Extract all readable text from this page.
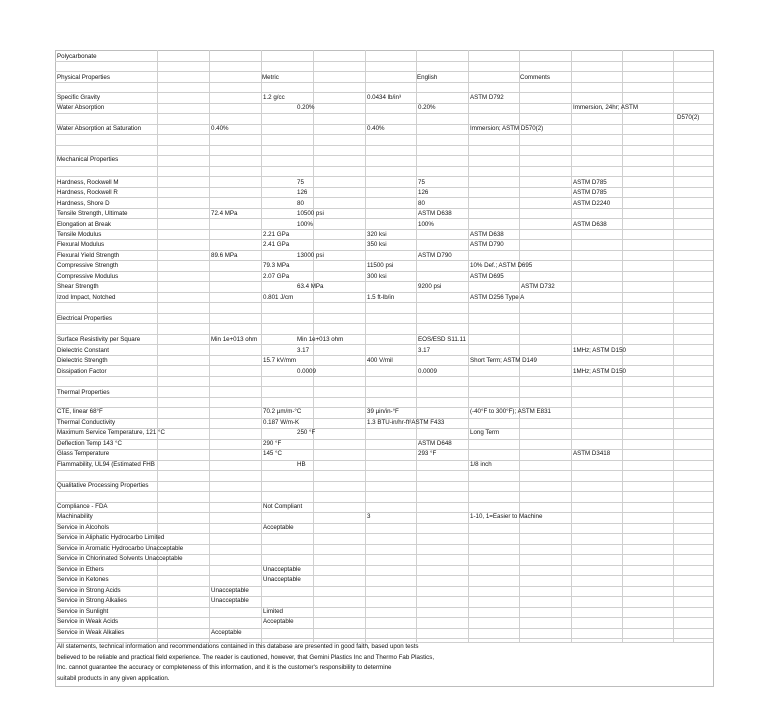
Polycarbonate
Physical Properties	Metric	English	Comments
Specific Gravity	1.2 g/cc	0.0434 lb/in³	ASTM D792
Water Absorption	0.20%	0.20%	Immersion, 24hr; ASTM
D570(2)
Water Absorption at Saturation	0.40%	0.40%	Immersion; ASTM D570(2)
Mechanical Properties
Hardness, Rockwell M	75	75	ASTM D785
Hardness, Rockwell R	126	126	ASTM D785
Hardness, Shore D	80	80	ASTM D2240
Tensile Strength, Ultimate	72.4 MPa	10500 psi	ASTM D638
Elongation at Break	100%	100%	ASTM D638
Tensile Modulus	2.21 GPa	320 ksi	ASTM D638
Flexural Modulus	2.41 GPa	350 ksi	ASTM D790
Flexural Yield Strength	89.6 MPa	13000 psi	ASTM D790
Compressive Strength	79.3 MPa	11500 psi	10% Def.; ASTM D695
Compressive Modulus	2.07 GPa	300 ksi	ASTM D695
Shear Strength	63.4 MPa	9200 psi	ASTM D732
Izod Impact, Notched	0.801 J/cm	1.5 ft-lb/in	ASTM D256 Type A
Electrical Properties
Surface Resistivity per Square	Min 1e+013 ohm	Min 1e+013 ohm	EOS/ESD S11.11
Dielectric Constant	3.17	3.17	1MHz; ASTM D150
Dielectric Strength	15.7 kV/mm	400 V/mil	Short Term; ASTM D149
Dissipation Factor	0.0009	0.0009	1MHz; ASTM D150
Thermal Properties
CTE, linear 68°F	70.2 µm/m-°C	39 µin/in-°F	(-40°F to 300°F); ASTM E831
Thermal Conductivity	0.187 W/m-K	1.3 BTU-in/hr-ft²ASTM F433
Maximum Service Temperature, 121 °C	250 °F	Long Term
Deflection Temp 143 °C	290 °F	ASTM D648
Glass Temperature	145 °C	293 °F	ASTM D3418
Flammability, UL94 (Estimated FHB	HB	1/8 inch
Qualitative Processing Properties
Compliance - FDA	Not Compliant
Machinability	3	1-10, 1=Easier to Machine
Service in Alcohols	Acceptable
Service in Aliphatic Hydrocarbo Limited
Service in Aromatic Hydrocarbo Unacceptable
Service in Chlorinated Solvents Unacceptable
Service in Ethers	Unacceptable
Service in Ketones	Unacceptable
Service in Strong Acids	Unacceptable
Service in Strong Alkalies	Unacceptable
Service in Sunlight	Limited
Service in Weak Acids	Acceptable
Service in Weak Alkalies	Acceptable
All statements, technical information and recommendations contained in this database are presented in good faith, based upon tests
believed to be reliable and practical field experience. The reader is cautioned, however, that Gemini Plastics Inc and Thermo Fab Plastics,
Inc. cannot guarantee the accuracy or completeness of this information, and it is the customer's responsibility to determine
suitabil products in any given application.
